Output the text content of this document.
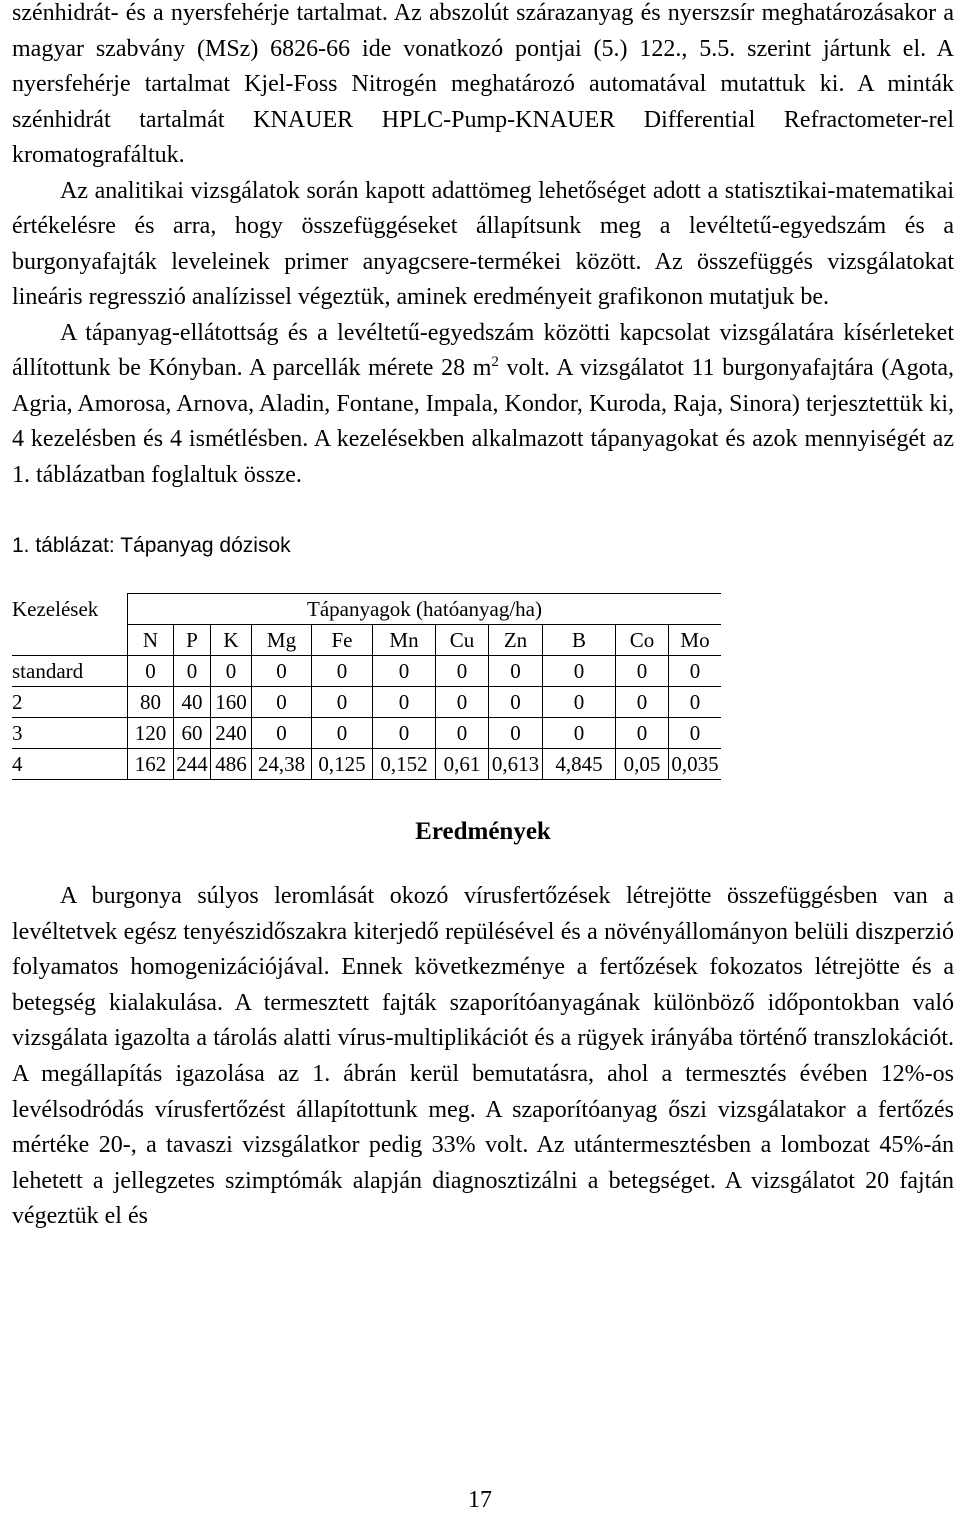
szénhidrát- és a nyersfehérje tartalmat. Az abszolút szárazanyag és nyerszsír meghatározásakor a magyar szabvány (MSz) 6826-66 ide vonatkozó pontjai (5.) 122., 5.5. szerint jártunk el. A nyersfehérje tartalmat Kjel-Foss Nitrogén meghatározó automatával mutattuk ki. A minták szénhidrát tartalmát KNAUER HPLC-Pump-KNAUER Differential Refractometer-rel kromatografáltuk.

Az analitikai vizsgálatok során kapott adattömeg lehetőséget adott a statisztikai-matematikai értékelésre és arra, hogy összefüggéseket állapítsunk meg a levéltetű-egyedszám és a burgonyafajták leveleinek primer anyagcsere-termékei között. Az összefüggés vizsgálatokat lineáris regresszió analízissel végeztük, aminek eredményeit grafikonon mutatjuk be.

A tápanyag-ellátottság és a levéltetű-egyedszám közötti kapcsolat vizsgálatára kísérleteket állítottunk be Kónyban. A parcellák mérete 28 $m^2$ volt. A vizsgálatot 11 burgonyafajtára (Agota, Agria, Amorosa, Arnova, Aladin, Fontane, Impala, Kondor, Kuroda, Raja, Sinora) terjesztettük ki, 4 kezelésben és 4 ismétlésben. A kezelésekben alkalmazott tápanyagokat és azok mennyiségét az 1. táblázatban foglaltuk össze.

1. táblázat: Tápanyag dózisok

Kezelések	Tápanyagok (hatóanyag/ha)										
	N	P	K	Mg	Fe	Mn	Cu	Zn	B	Co	Mo
standard	0	0	0	0	0	0	0	0	0	0	0
2	80	40	160	0	0	0	0	0	0	0	0
3	120	60	240	0	0	0	0	0	0	0	0
4	162	244	486	24,38	0,125	0,152	0,61	0,613	4,845	0,05	0,035
Eredmények

A burgonya súlyos leromlását okozó vírusfertőzések létrejötte összefüggésben van a levéltetvek egész tenyészidőszakra kiterjedő repülésével és a növényállományon belüli diszperzió folyamatos homogenizációjával. Ennek következménye a fertőzések fokozatos létrejötte és a betegség kialakulása. A termesztett fajták szaporítóanyagának különböző időpontokban való vizsgálata igazolta a tárolás alatti vírus-multiplikációt és a rügyek irányába történő transzlokációt. A megállapítás igazolása az 1. ábrán kerül bemutatásra, ahol a termesztés évében 12%-os levélsodródás vírusfertőzést állapítottunk meg. A szaporítóanyag őszi vizsgálatakor a fertőzés mértéke 20-, a tavaszi vizsgálatkor pedig 33% volt. Az utántermesztésben a lombozat 45%-án lehetett a jellegzetes szimptómák alapján diagnosztizálni a betegséget. A vizsgálatot 20 fajtán végeztük el és

17
